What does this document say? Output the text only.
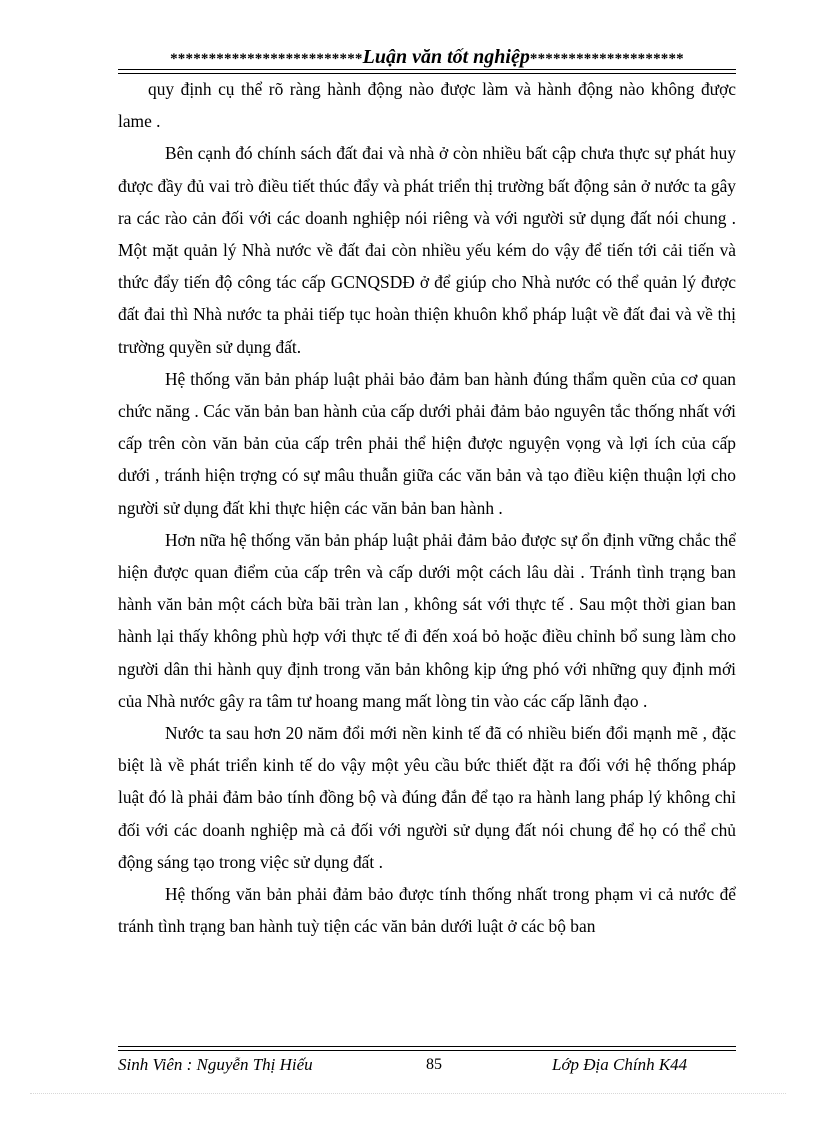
*************************Luận văn tốt nghiệp********************

quy định cụ thể rõ ràng hành động nào được làm và hành động nào không được lame .

Bên cạnh đó chính sách đất đai và nhà ở còn nhiều bất cập chưa thực sự phát huy được đầy đủ vai trò điều tiết thúc đẩy và phát triển thị trường bất động sản ở nước ta gây ra các rào cản đối với các doanh nghiệp nói riêng và với người sử dụng đất nói chung . Một mặt quản lý Nhà nước về đất đai còn nhiều yếu kém do vậy để tiến tới cải tiến và thức đẩy tiến độ công tác cấp GCNQSDĐ ở để giúp cho Nhà nước có thể quản lý được đất đai thì Nhà nước ta phải tiếp tục hoàn thiện khuôn khổ pháp luật về đất đai và về thị trường quyền sử dụng đất.

Hệ thống văn bản pháp luật phải bảo đảm ban hành đúng thẩm quền của cơ quan chức năng . Các văn bản ban hành của cấp dưới phải đảm bảo nguyên tắc thống nhất với cấp trên còn văn bản của cấp trên phải thể hiện được nguyện vọng và lợi ích của cấp dưới , tránh hiện trợng có sự mâu thuẫn giữa các văn bản và tạo điều kiện thuận lợi cho người sử dụng đất khi thực hiện các văn bản ban hành .

Hơn nữa hệ thống văn bản pháp luật phải đảm bảo được sự ổn định vững chắc thể hiện được quan điểm của cấp trên và cấp dưới một cách lâu dài . Tránh tình trạng ban hành văn bản một cách bừa bãi tràn lan , không sát với thực tế . Sau một thời gian ban hành lại thấy không phù hợp với thực tế đi đến xoá bỏ hoặc điều chỉnh bổ sung làm cho người dân thi hành quy định trong văn bản không kịp ứng phó với những quy định mới của Nhà nước gây ra tâm tư hoang mang mất lòng tin vào các cấp lãnh đạo .

Nước ta sau hơn 20 năm đổi mới nền kinh tế đã có nhiều biến đổi mạnh mẽ , đặc biệt là về phát triển kinh tế do vậy một yêu cầu bức thiết đặt ra đối với hệ thống pháp luật đó là phải đảm bảo tính đồng bộ và đúng đắn để tạo ra hành lang pháp lý không chỉ đối với các doanh nghiệp mà cả đối với người sử dụng đất nói chung để họ có thể chủ động sáng tạo trong việc sử dụng đất .

Hệ thống văn bản phải đảm bảo được tính thống nhất trong phạm vi cả nước để tránh tình trạng ban hành tuỳ tiện các văn bản dưới luật ở các bộ ban

Sinh Viên : Nguyễn Thị Hiếu	85	Lớp Địa Chính K44
